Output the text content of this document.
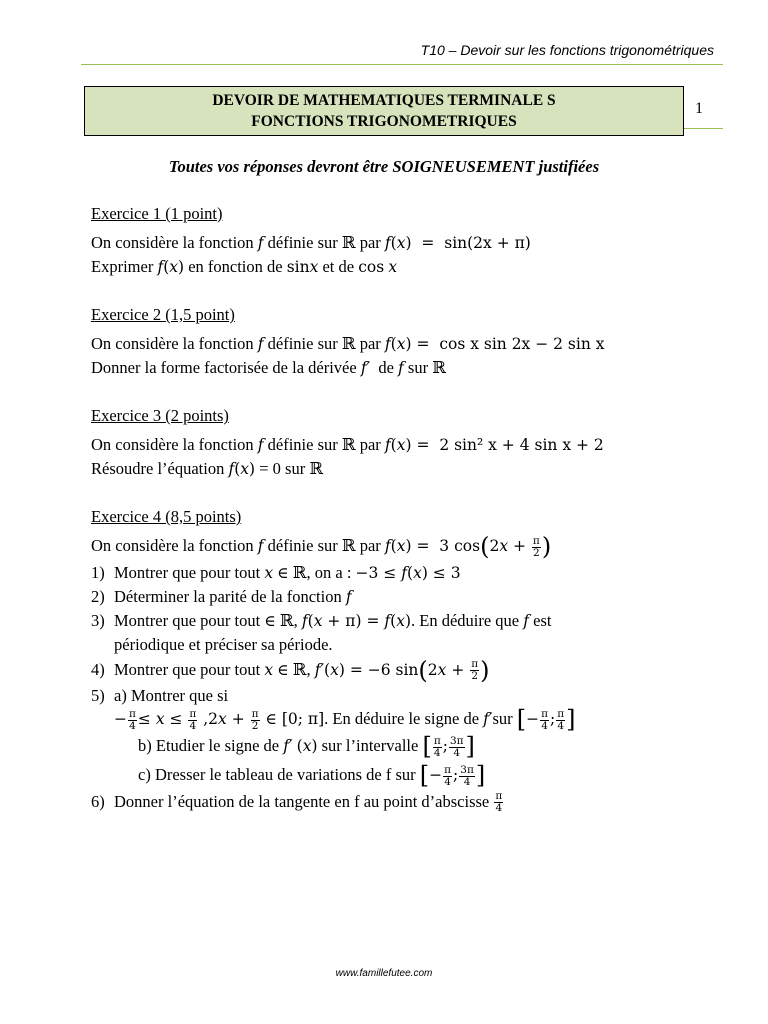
T10 – Devoir sur les fonctions trigonométriques
DEVOIR DE MATHEMATIQUES TERMINALE S
FONCTIONS TRIGONOMETRIQUES
1
Toutes vos réponses devront être SOIGNEUSEMENT justifiées
Exercice 1 (1 point)
On considère la fonction f définie sur ℝ par f(x)  =  sin(2x + π)
Exprimer f(x) en fonction de sinx et de cos x
Exercice 2 (1,5 point)
On considère la fonction f définie sur ℝ par f(x) =  cos x sin 2x − 2 sin x
Donner la forme factorisée de la dérivée f′ de f sur ℝ
Exercice 3 (2 points)
On considère la fonction f définie sur ℝ par f(x) =  2 sin² x + 4 sin x + 2
Résoudre l’équation f(x) = 0 sur ℝ
Exercice 4 (8,5 points)
On considère la fonction f définie sur ℝ par f(x) =  3 $\cos(2x + \frac{\pi}{2}$ )
1) Montrer que pour tout x ∈ ℝ, on a : −3 ≤ f(x) ≤ 3
2) Déterminer la parité de la fonction f
3) Montrer que pour tout ∈ ℝ, f(x + π) = f(x). En déduire que f est
périodique et préciser sa période.
4) Montrer que pour tout x ∈ ℝ, f′(x) = −6 $\sin(2x + \frac{\pi}{2}$ )
5) a) Montrer que si
− $\frac{\pi}{4} \le x \le \frac{\pi}{4} ,2x + \frac{\pi}{2}$ ∈ [0; π]. En déduire le signe de f′sur [− $\frac{\pi}{4}$ ; $\frac{\pi}{4}$ ]
b) Etudier le signe de f′ (x) sur l’intervalle [ $\frac{\pi}{4}$ ; $\frac{3\pi}{4}$ ]
c) Dresser le tableau de variations de f sur [− $\frac{\pi}{4}$ ; $\frac{3\pi}{4}$ ]
6) Donner l’équation de la tangente en f au point d’abscisse $\frac{\pi}{4}$
www.famillefutee.com
